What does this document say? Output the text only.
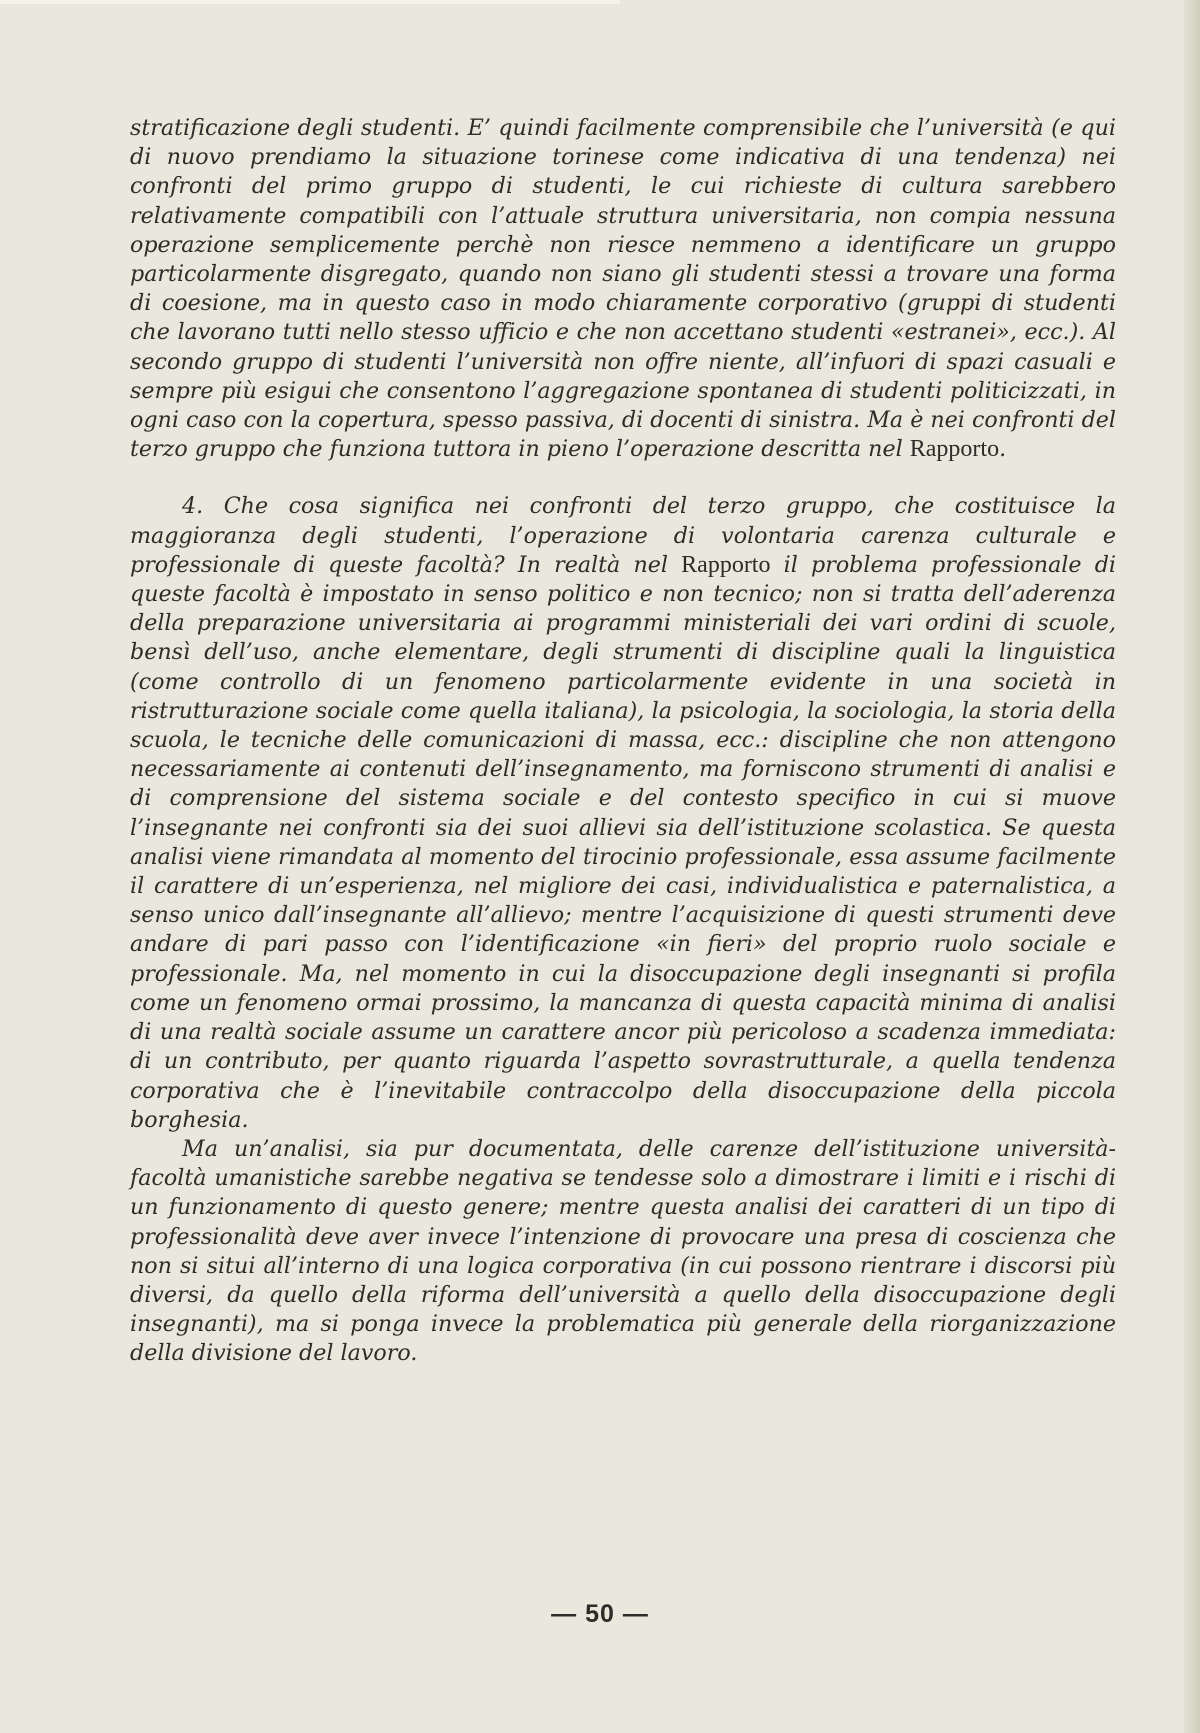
stratificazione degli studenti. E’ quindi facilmente comprensibile che l’università (e qui di nuovo prendiamo la situazione torinese come indicativa di una tendenza) nei confronti del primo gruppo di studenti, le cui richieste di cultura sarebbero relativamente compatibili con l’attuale struttura universitaria, non compia nessuna operazione semplicemente perchè non riesce nemmeno a identificare un gruppo particolarmente disgregato, quando non siano gli studenti stessi a trovare una forma di coesione, ma in questo caso in modo chiaramente corporativo (gruppi di studenti che lavorano tutti nello stesso ufficio e che non accettano studenti «estranei», ecc.). Al secondo gruppo di studenti l’università non offre niente, all’infuori di spazi casuali e sempre più esigui che consentono l’aggregazione spontanea di studenti politicizzati, in ogni caso con la copertura, spesso passiva, di docenti di sinistra. Ma è nei confronti del terzo gruppo che funziona tuttora in pieno l’operazione descritta nel Rapporto.

4. Che cosa significa nei confronti del terzo gruppo, che costituisce la maggioranza degli studenti, l’operazione di volontaria carenza culturale e professionale di queste facoltà? In realtà nel Rapporto il problema professionale di queste facoltà è impostato in senso politico e non tecnico; non si tratta dell’aderenza della preparazione universitaria ai programmi ministeriali dei vari ordini di scuole, bensì dell’uso, anche elementare, degli strumenti di discipline quali la linguistica (come controllo di un fenomeno particolarmente evidente in una società in ristrutturazione sociale come quella italiana), la psicologia, la sociologia, la storia della scuola, le tecniche delle comunicazioni di massa, ecc.: discipline che non attengono necessariamente ai contenuti dell’insegnamento, ma forniscono strumenti di analisi e di comprensione del sistema sociale e del contesto specifico in cui si muove l’insegnante nei confronti sia dei suoi allievi sia dell’istituzione scolastica. Se questa analisi viene rimandata al momento del tirocinio professionale, essa assume facilmente il carattere di un’esperienza, nel migliore dei casi, individualistica e paternalistica, a senso unico dall’insegnante all’allievo; mentre l’acquisizione di questi strumenti deve andare di pari passo con l’identificazione «in fieri» del proprio ruolo sociale e professionale. Ma, nel momento in cui la disoccupazione degli insegnanti si profila come un fenomeno ormai prossimo, la mancanza di questa capacità minima di analisi di una realtà sociale assume un carattere ancor più pericoloso a scadenza immediata: di un contributo, per quanto riguarda l’aspetto sovrastrutturale, a quella tendenza corporativa che è l’inevitabile contraccolpo della disoccupazione della piccola borghesia.

Ma un’analisi, sia pur documentata, delle carenze dell’istituzione università-facoltà umanistiche sarebbe negativa se tendesse solo a dimostrare i limiti e i rischi di un funzionamento di questo genere; mentre questa analisi dei caratteri di un tipo di professionalità deve aver invece l’intenzione di provocare una presa di coscienza che non si situi all’interno di una logica corporativa (in cui possono rientrare i discorsi più diversi, da quello della riforma dell’università a quello della disoccupazione degli insegnanti), ma si ponga invece la problematica più generale della riorganizzazione della divisione del lavoro.

— 50 —
